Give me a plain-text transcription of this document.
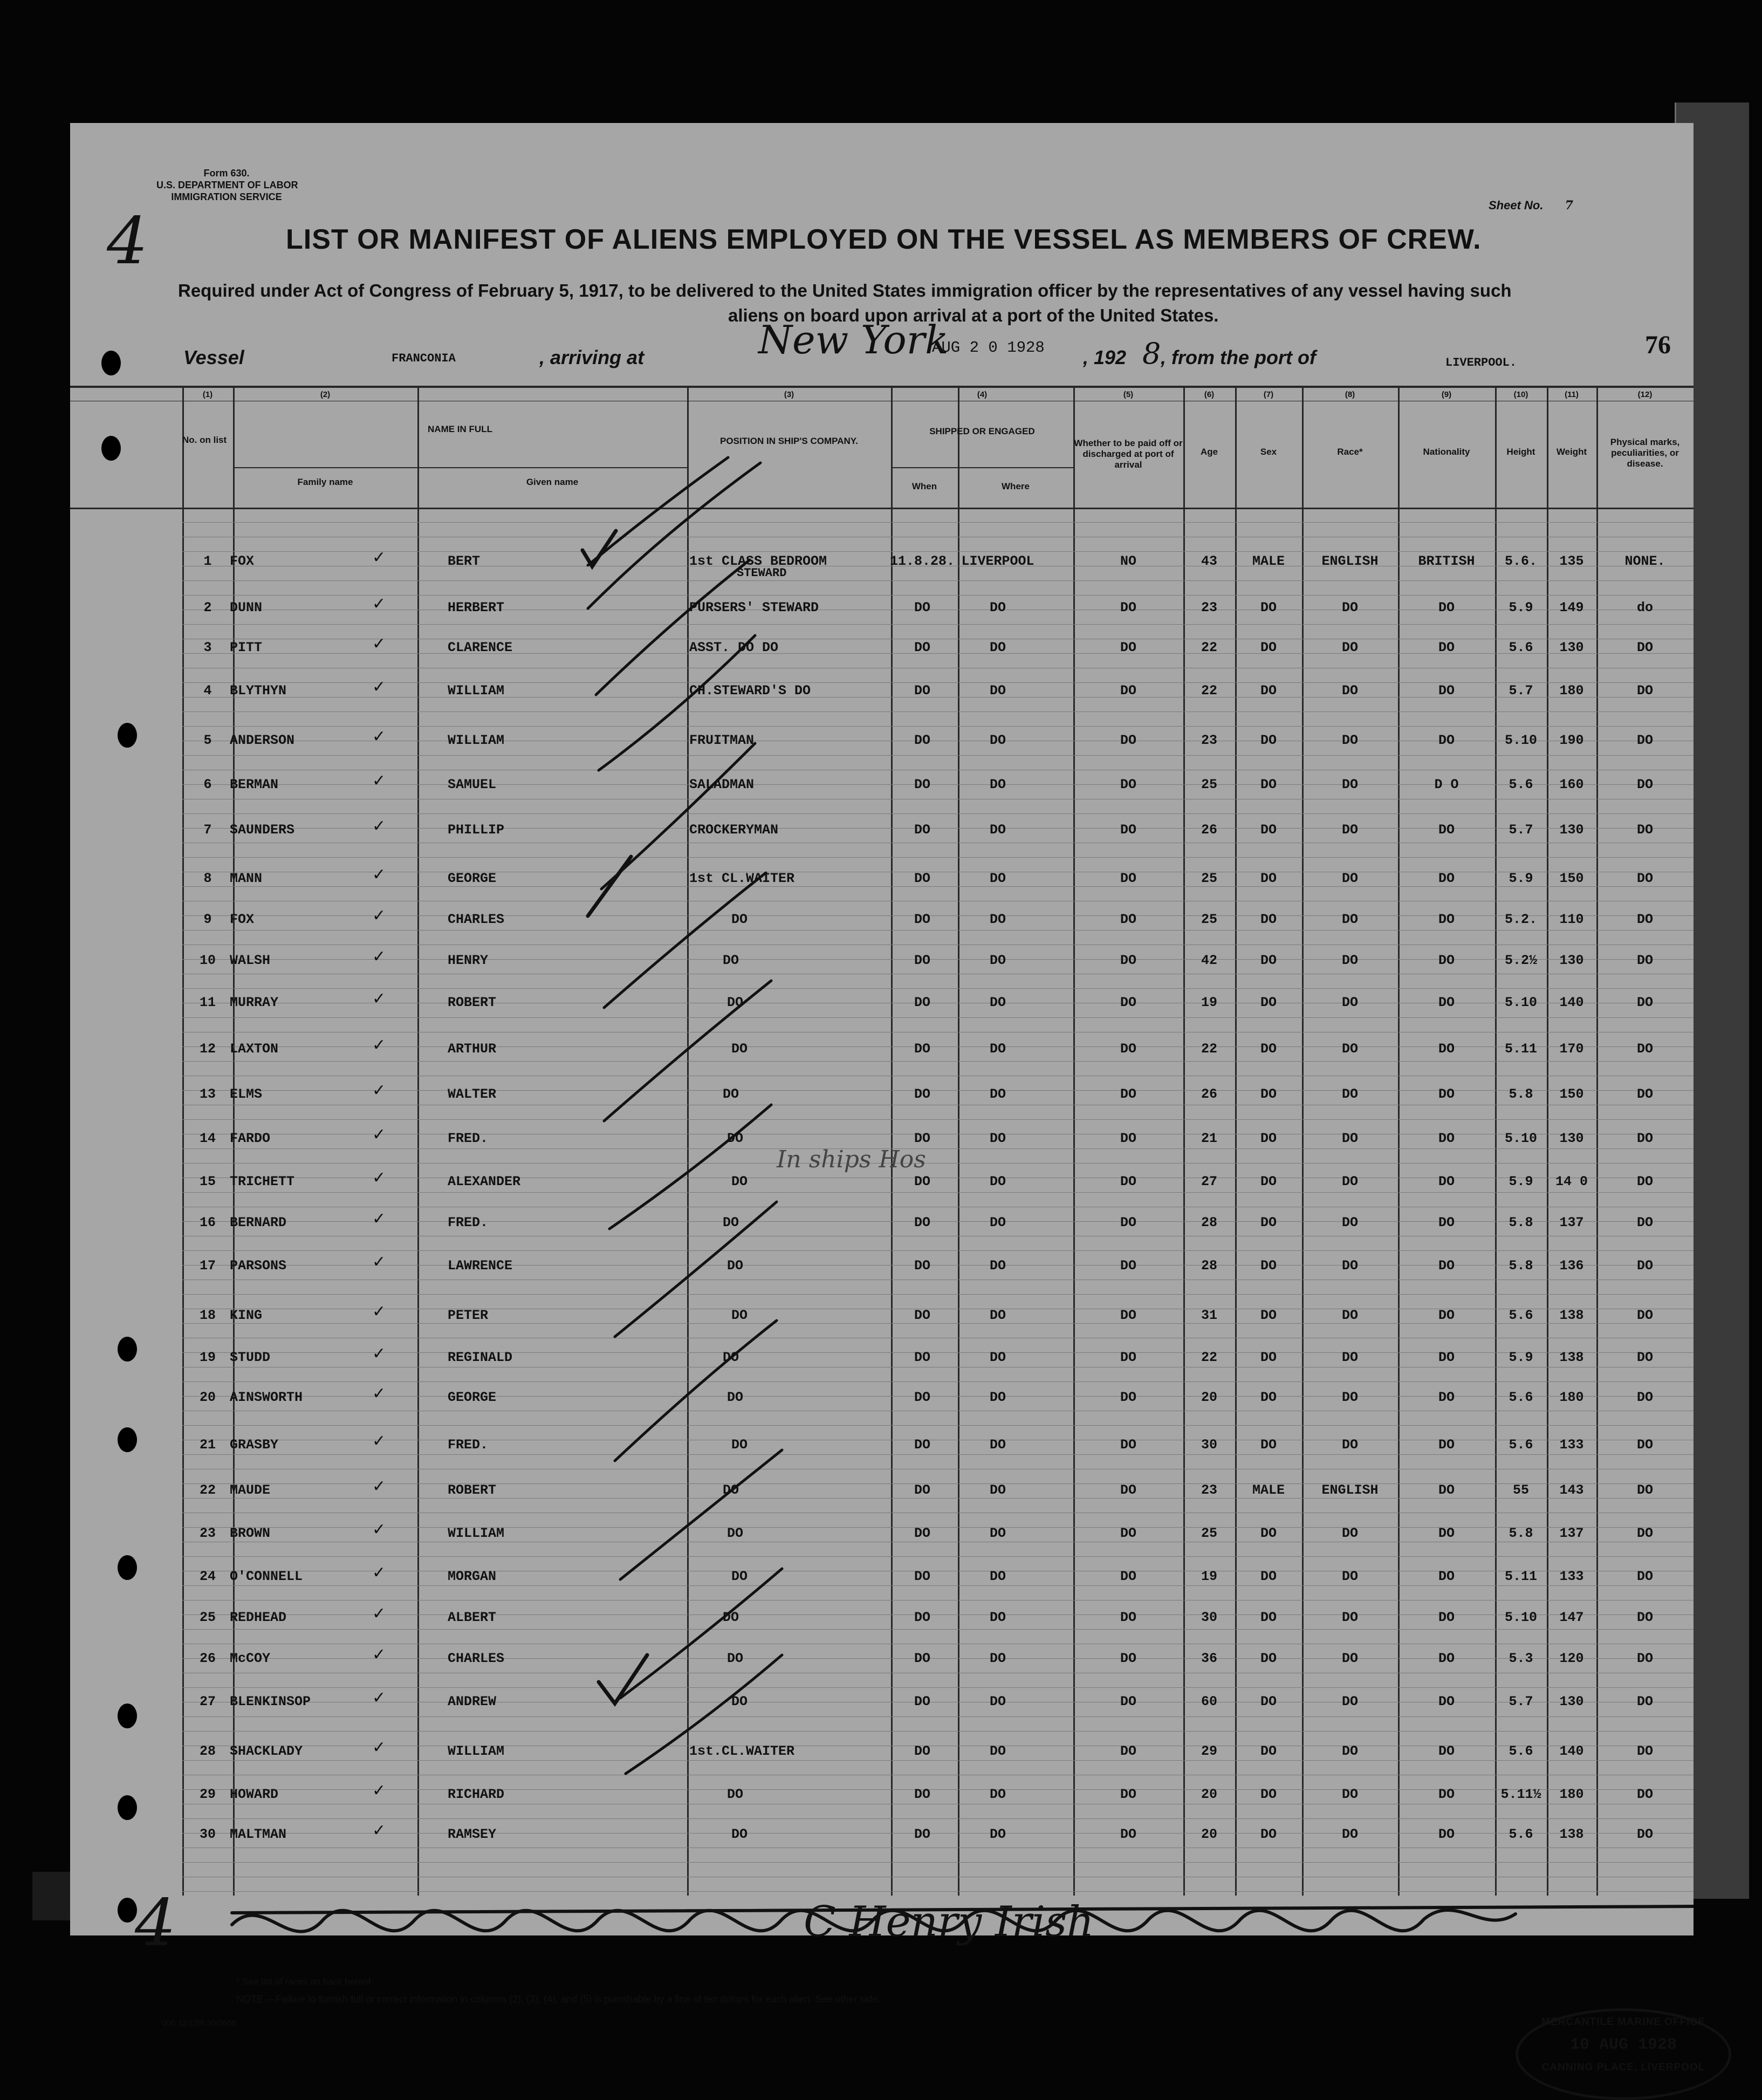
Form 630.
U.S. DEPARTMENT OF LABOR
IMMIGRATION SERVICE
Sheet No. 7
4	LIST OR MANIFEST OF ALIENS EMPLOYED ON THE VESSEL AS MEMBERS OF CREW.
Required under Act of Congress of February 5, 1917, to be delivered to the United States immigration officer by the representatives of any vessel having such
aliens on board upon arrival at a port of the United States.
Vessel	FRANCONIA	, arriving at	New York
AUG 2 0 1928 , 192 8 , from the port of	LIVERPOOL.
76
No. on list
NAME IN FULL
Family name	Given name
POSITION IN SHIP'S COMPANY.
SHIPPED OR ENGAGED
When	Where
Whether to be paid off or discharged at port of arrival
Age	Sex	Race*	Nationality	Height	Weight
Physical marks, peculiarities, or disease.
(1)	(2)	(3)	(4)	(5)	(6)	(7)	(8)	(9)	(10)	(11)	(12)
1 FOX	BERT	1st CLASS BEDROOM	11.8.28. LIVERPOOL	NO	43	MALE	ENGLISH	BRITISH 5.6. 135	NONE.
STEWARD
✓
2 DUNN	HERBERT	PURSERS' STEWARD	DO	DO	DO	23	DO	DO	DO	5.9 149	do
✓
3 PITT	CLARENCE	ASST. DO DO	DO	DO	DO	22	DO	DO	DO	5.6 130	DO
✓
4 BLYTHYN	WILLIAM	CH.STEWARD'S DO	DO	DO	DO	22	DO	DO	DO	5.7 180	DO
✓
5 ANDERSON	WILLIAM	FRUITMAN	DO	DO	DO	23	DO	DO	DO	5.10 190	DO
✓
6 BERMAN	SAMUEL	SALADMAN	DO	DO	DO	25	DO	DO	D O	5.6 160	DO
✓
7 SAUNDERS	PHILLIP	CROCKERYMAN	DO	DO	DO	26	DO	DO	DO	5.7 130	DO
✓
8 MANN	GEORGE	1st CL.WAITER	DO	DO	DO	25	DO	DO	DO	5.9 150	DO
✓
9 FOX	CHARLES	DO	DO	DO	DO	25	DO	DO	DO	5.2. 110	DO
✓
10 WALSH	HENRY	DO	DO	DO	DO	42	DO	DO	DO	5.2½ 130	DO
✓
11 MURRAY	ROBERT	DO	DO	DO	DO	19	DO	DO	DO	5.10 140	DO
✓
12 LAXTON	ARTHUR	DO	DO	DO	DO	22	DO	DO	DO	5.11 170	DO
✓
13 ELMS	WALTER	DO	DO	DO	DO	26	DO	DO	DO	5.8 150	DO
✓
14 FARDO	FRED.	DO	DO	DO	DO	21	DO	DO	DO	5.10 130	DO
✓
15 TRICHETT	ALEXANDER	DO	DO	DO	DO	27	DO	DO	DO	5.9 14 0	DO
✓
16 BERNARD	FRED.	DO	DO	DO	DO	28	DO	DO	DO	5.8 137	DO
✓
17 PARSONS	LAWRENCE	DO	DO	DO	DO	28	DO	DO	DO	5.8 136	DO
✓
18 KING	PETER	DO	DO	DO	DO	31	DO	DO	DO	5.6 138	DO
✓
19 STUDD	REGINALD	DO	DO	DO	DO	22	DO	DO	DO	5.9 138	DO
✓
20 AINSWORTH	GEORGE	DO	DO	DO	DO	20	DO	DO	DO	5.6 180	DO
✓
21 GRASBY	FRED.	DO	DO	DO	DO	30	DO	DO	DO	5.6 133	DO
✓
22 MAUDE	ROBERT	DO	DO	DO	DO	23	MALE	ENGLISH	DO	55 143	DO
✓
23 BROWN	WILLIAM	DO	DO	DO	DO	25	DO	DO	DO	5.8 137	DO
✓
24 O'CONNELL	MORGAN	DO	DO	DO	DO	19	DO	DO	DO	5.11 133	DO
✓
25 REDHEAD	ALBERT	DO	DO	DO	DO	30	DO	DO	DO	5.10 147	DO
✓
26 McCOY	CHARLES	DO	DO	DO	DO	36	DO	DO	DO	5.3 120	DO
✓
27 BLENKINSOP	ANDREW	DO	DO	DO	DO	60	DO	DO	DO	5.7 130	DO
✓
28 SHACKLADY	WILLIAM	1st.CL.WAITER	DO	DO	DO	29	DO	DO	DO	5.6 140	DO
✓
29 HOWARD	RICHARD	DO	DO	DO	DO	20	DO	DO	DO	5.11½ 180	DO
✓
30 MALTMAN	RAMSEY	DO	DO	DO	DO	20	DO	DO	DO	5.6 138	DO
✓
In ships Hos
4	C Henry Irish
* See list of races on back hereof.
NOTE.—Failure to furnish full or correct information in columns (2), (3), (4), and (5) is punishable by a fine of ten dollars for each alien. See other side.
000 12/1/28 30/0668	MERCANTILE MARINE OFFICE
10 AUG 1928
CANNING PLACE, LIVERPOOL
